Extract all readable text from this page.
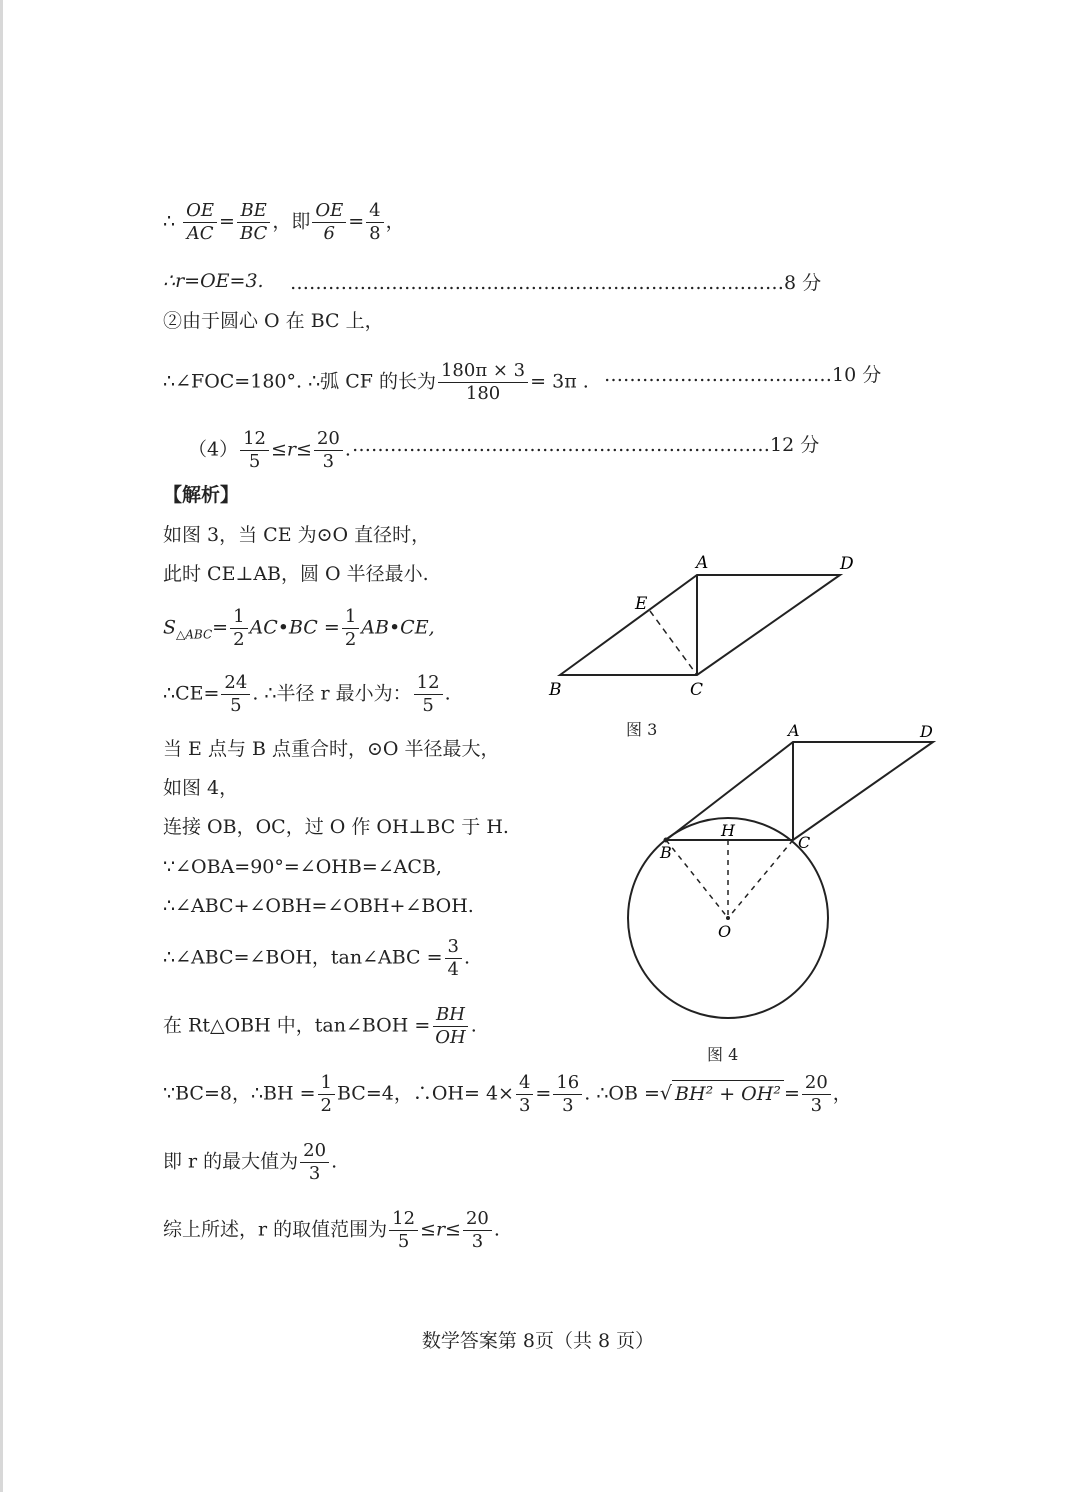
∴ $\frac{OE}{AC} = \frac{BE}{BC}$ ，即 $\frac{OE}{6} = \frac{4}{8}$ ，
∴r=OE=3. ……………………………………………………………………8 分
②由于圆心 O 在 BC 上，
∴∠FOC=180°. ∴弧 CF 的长为 $\frac{180\pi \times 3}{180} = 3\pi$ . ………………………………10 分
$(4) \frac{12}{5} \le r\le \frac{20}{3}$ . …………………………………………………………12 分
【解析】
如图 3，当 CE 为⊙O 直径时，
此时 CE⊥AB，圆 O 半径最小.
$S_{\triangle ABC}= \frac{1}{2}$ AC•BC = $\frac{1}{2}$ AB•CE,
∴CE= $\frac{24}{5}$ . ∴半径 r 最小为： $\frac{12}{5}$ .
当 E 点与 B 点重合时，⊙O 半径最大，
如图 4，
连接 OB，OC，过 O 作 OH⊥BC 于 H.
∵∠OBA=90°=∠OHB=∠ACB,
∴∠ABC+∠OBH=∠OBH+∠BOH.
∴∠ABC=∠BOH，tan∠ABC = $\frac{3}{4}$ .
在 Rt△OBH 中，tan∠BOH = $\frac{BH}{OH}$ .
∵BC=8，∴BH = $\frac{1}{2} BC=4$，∴OH= $4\times \frac{4}{3} = \frac{16}{3}$ . ∴OB =√ $BH^2 + OH^2 = \frac{20}{3}$ ，
即 r 的最大值为 $\frac{20}{3}$ .
综上所述，r 的取值范围为 $\frac{12}{5} \le r\le \frac{20}{3}$ .
A
B	C
D
E
图 3	A
B
C
D
H
O
图 4
数学答案第 8页（共 8 页）
